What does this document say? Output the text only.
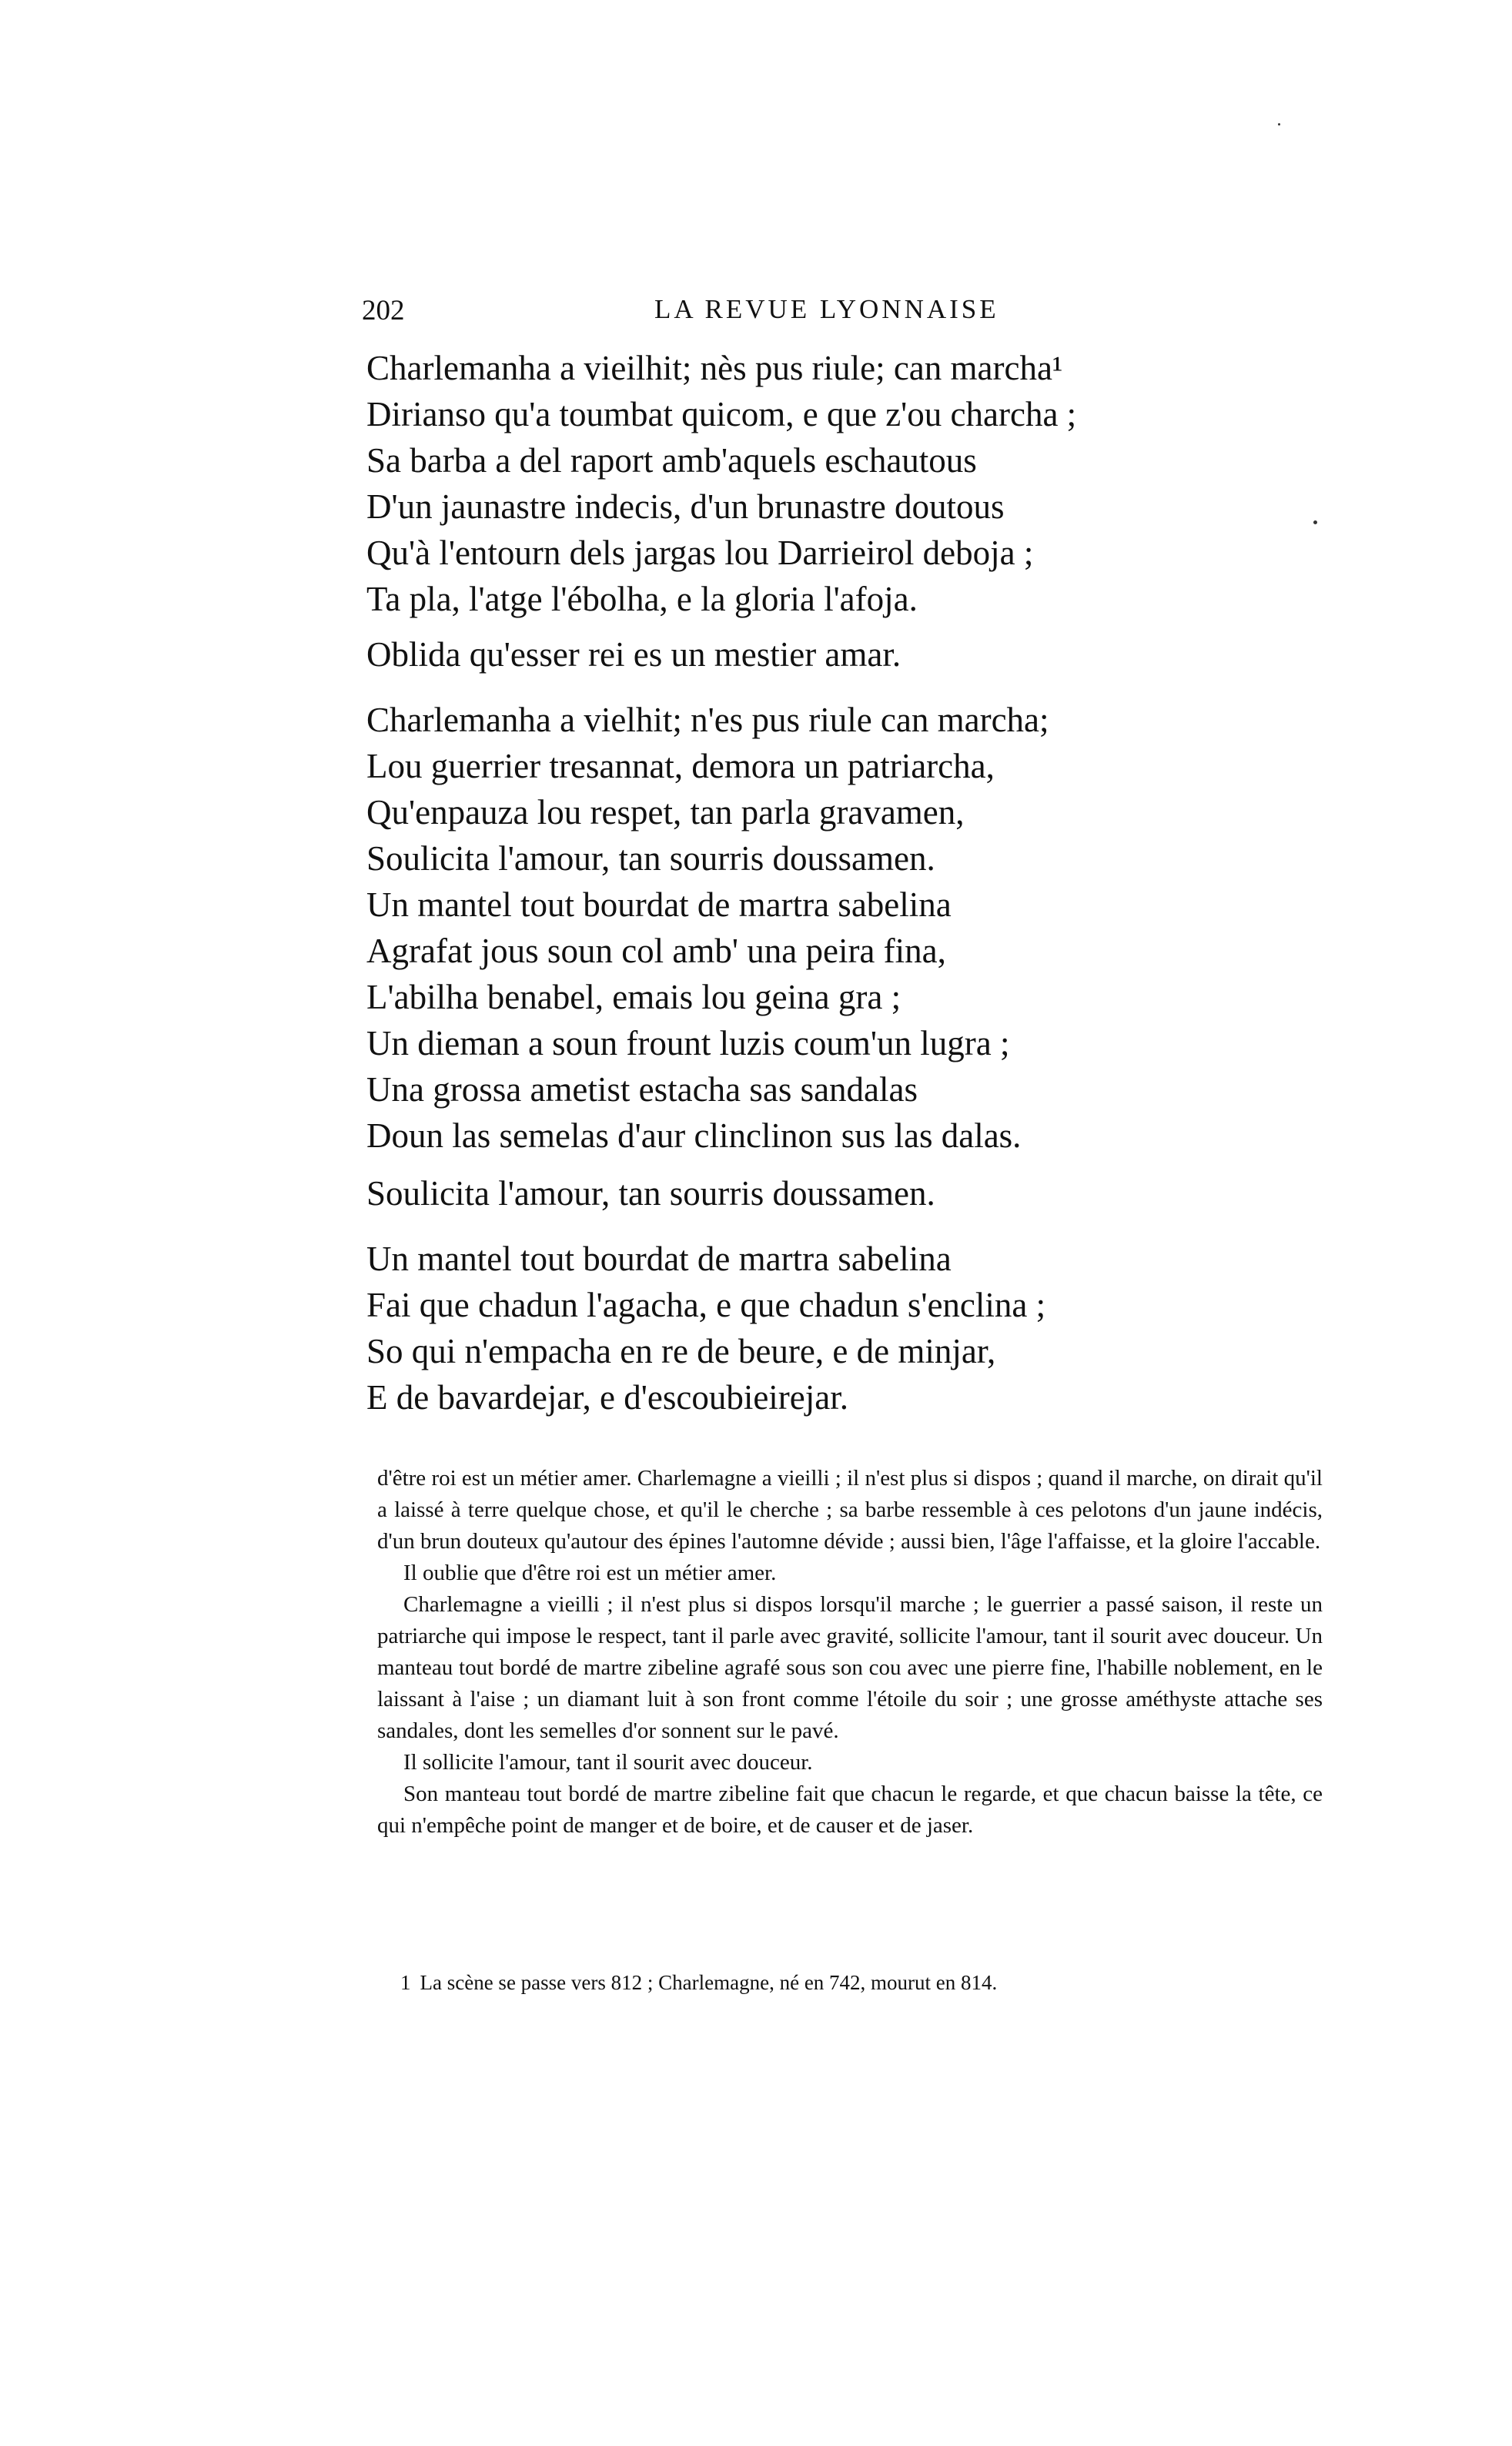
202	LA REVUE LYONNAISE
Charlemanha a vieilhit; nès pus riule; can marcha¹
Dirianso qu'a toumbat quicom, e que z'ou charcha ;
Sa barba a del raport amb'aquels eschautous
D'un jaunastre indecis, d'un brunastre doutous
Qu'à l'entourn dels jargas lou Darrieirol deboja ;
Ta pla, l'atge l'ébolha, e la gloria l'afoja.
Oblida qu'esser rei es un mestier amar.
Charlemanha a vielhit; n'es pus riule can marcha;
Lou guerrier tresannat, demora un patriarcha,
Qu'enpauza lou respet, tan parla gravamen,
Soulicita l'amour, tan sourris doussamen.
Un mantel tout bourdat de martra sabelina
Agrafat jous soun col amb' una peira fina,
L'abilha benabel, emais lou geina gra ;
Un dieman a soun frount luzis coum'un lugra ;
Una grossa ametist estacha sas sandalas
Doun las semelas d'aur clinclinon sus las dalas.
Soulicita l'amour, tan sourris doussamen.
Un mantel tout bourdat de martra sabelina
Fai que chadun l'agacha, e que chadun s'enclina ;
So qui n'empacha en re de beure, e de minjar,
E de bavardejar, e d'escoubieirejar.

d'être roi est un métier amer. Charlemagne a vieilli ; il n'est plus si dispos ; quand il marche, on dirait qu'il a laissé à terre quelque chose, et qu'il le cherche ; sa barbe ressemble à ces pelotons d'un jaune indécis, d'un brun douteux qu'autour des épines l'automne dévide ; aussi bien, l'âge l'affaisse, et la gloire l'accable.

Il oublie que d'être roi est un métier amer.

Charlemagne a vieilli ; il n'est plus si dispos lorsqu'il marche ; le guerrier a passé saison, il reste un patriarche qui impose le respect, tant il parle avec gravité, sollicite l'amour, tant il sourit avec douceur. Un manteau tout bordé de martre zibeline agrafé sous son cou avec une pierre fine, l'habille noblement, en le laissant à l'aise ; un diamant luit à son front comme l'étoile du soir ; une grosse améthyste attache ses sandales, dont les semelles d'or sonnent sur le pavé.

Il sollicite l'amour, tant il sourit avec douceur.

Son manteau tout bordé de martre zibeline fait que chacun le regarde, et que chacun baisse la tête, ce qui n'empêche point de manger et de boire, et de causer et de jaser.

1 La scène se passe vers 812 ; Charlemagne, né en 742, mourut en 814.
